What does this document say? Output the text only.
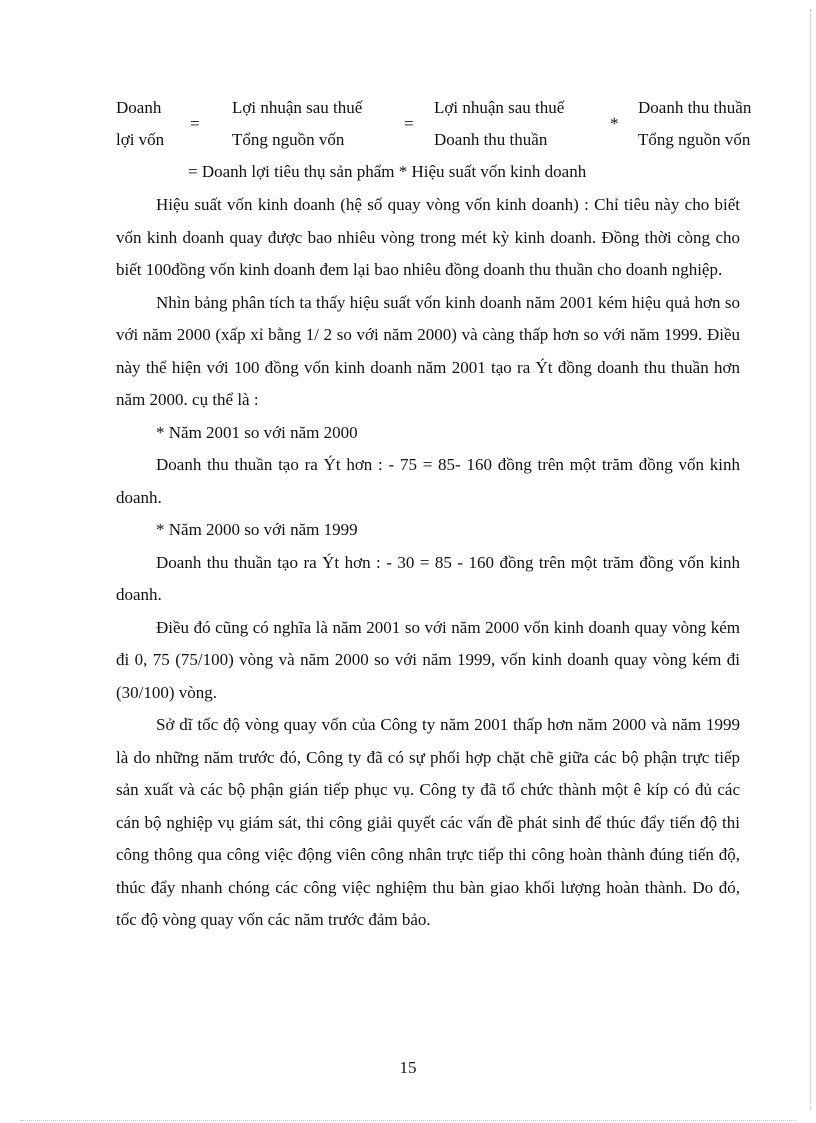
Doanh
lợi vốn
=
Lợi nhuận sau thuế
Tổng nguồn vốn
=
Lợi nhuận sau thuế
Doanh thu thuần
*
Doanh thu thuần
Tổng nguồn vốn
= Doanh lợi tiêu thụ sản phẩm * Hiệu suất vốn kinh doanh

Hiệu suất vốn kinh doanh (hệ số quay vòng vốn kinh doanh) : Chỉ tiêu này cho biết vốn kinh doanh quay được bao nhiêu vòng trong mét kỳ kinh doanh. Đồng thời còng cho biết 100đồng vốn kinh doanh đem lại bao nhiêu đồng doanh thu thuần cho doanh nghiệp.

Nhìn bảng phân tích ta thấy hiệu suất vốn kinh doanh năm 2001 kém hiệu quả hơn so với năm 2000 (xấp xỉ bằng 1/ 2 so với năm 2000) và càng thấp hơn so với năm 1999. Điều này thể hiện với 100 đồng vốn kinh doanh năm 2001 tạo ra Ýt đồng doanh thu thuần hơn năm 2000. cụ thể là :

* Năm 2001 so với năm 2000

Doanh thu thuần tạo ra Ýt hơn : - 75 = 85- 160 đồng trên một trăm đồng vốn kinh doanh.

* Năm 2000 so với năm 1999

Doanh thu thuần tạo ra Ýt hơn : - 30 = 85 - 160 đồng trên một trăm đồng vốn kinh doanh.

Điều đó cũng có nghĩa là năm 2001 so với năm 2000 vốn kinh doanh quay vòng kém đi 0, 75 (75/100) vòng và năm 2000 so với năm 1999, vốn kinh doanh quay vòng kém đi (30/100) vòng.

Sở dĩ tốc độ vòng quay vốn của Công ty năm 2001 thấp hơn năm 2000 và năm 1999 là do những năm trước đó, Công ty đã có sự phối hợp chặt chẽ giữa các bộ phận trực tiếp sản xuất và các bộ phận gián tiếp phục vụ. Công ty đã tổ chức thành một ê kíp có đủ các cán bộ nghiệp vụ giám sát, thi công giải quyết các vấn đề phát sinh để thúc đẩy tiến độ thi công thông qua công việc động viên công nhân trực tiếp thi công hoàn thành đúng tiến độ, thúc đẩy nhanh chóng các công việc nghiệm thu bàn giao khối lượng hoàn thành. Do đó, tốc độ vòng quay vốn các năm trước đảm bảo.

15
